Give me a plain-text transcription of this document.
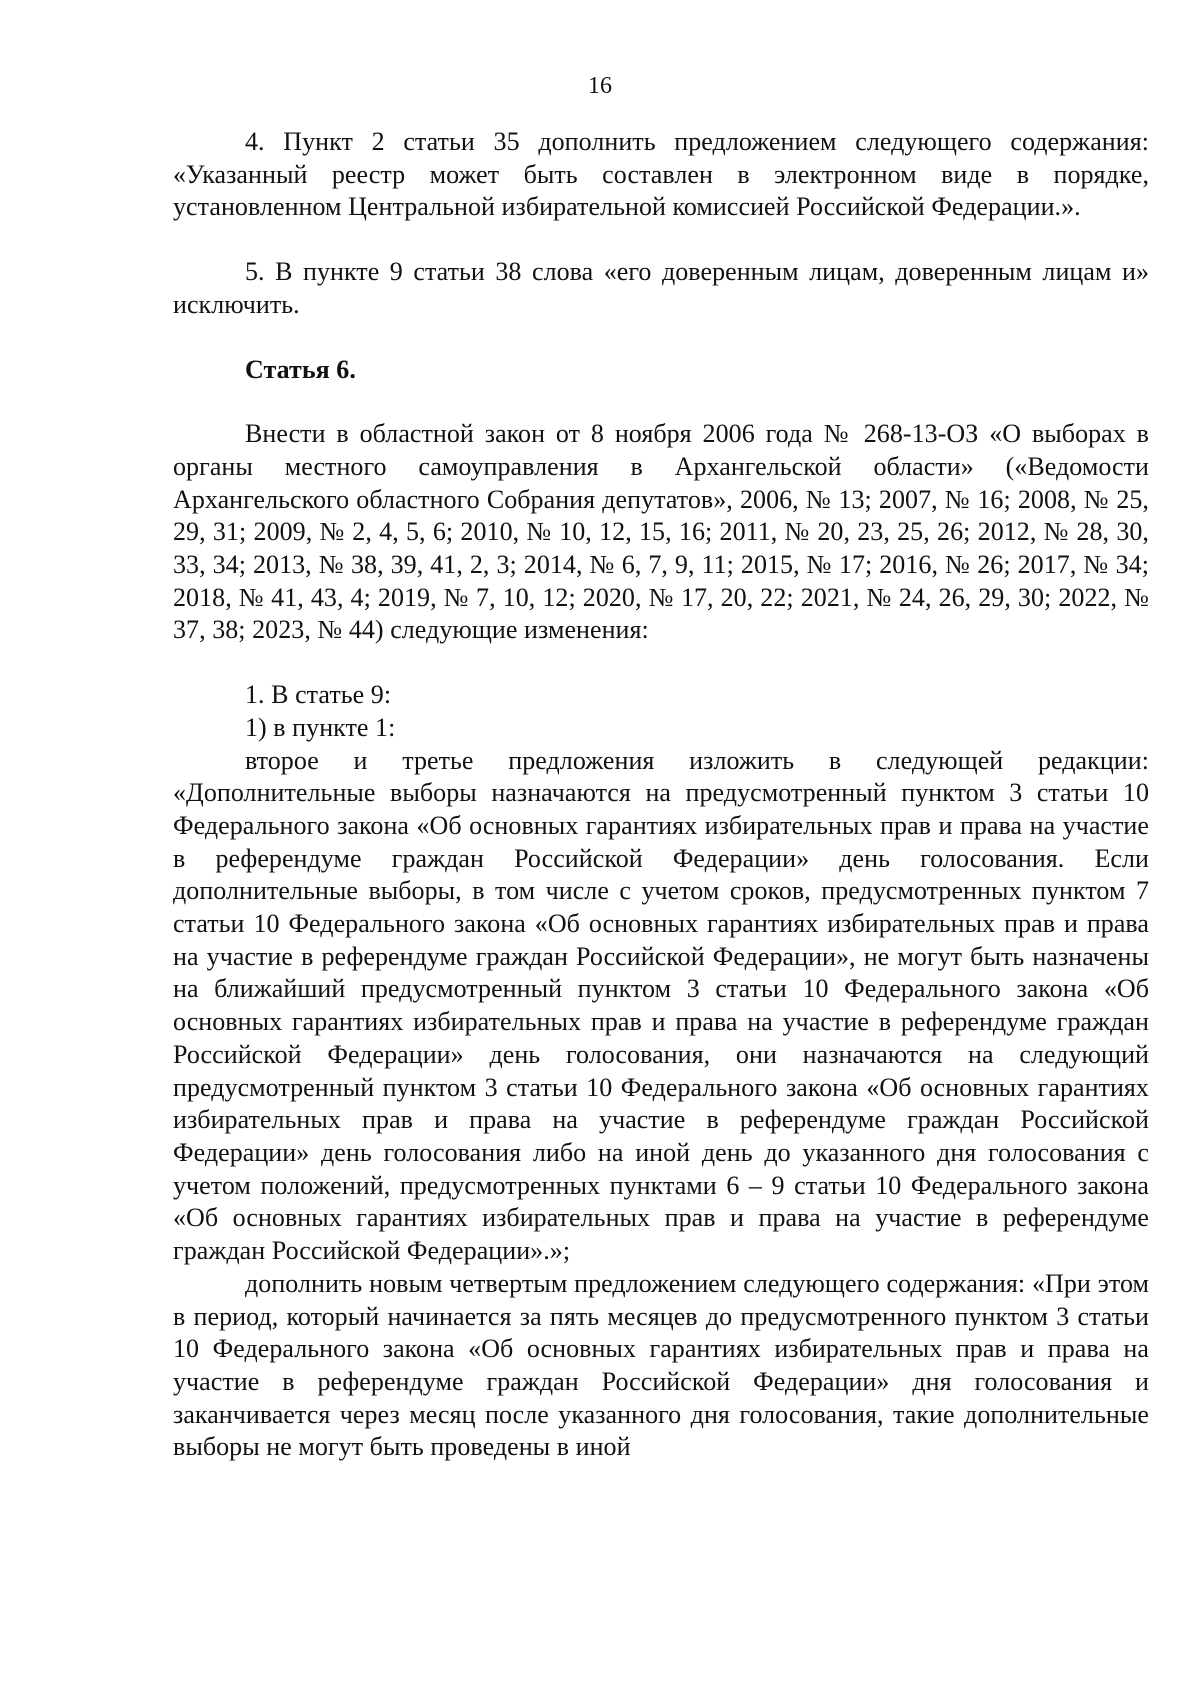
16

4. Пункт 2 статьи 35 дополнить предложением следующего содержания: «Указанный реестр может быть составлен в электронном виде в порядке, установленном Центральной избирательной комиссией Российской Федерации.».

5. В пункте 9 статьи 38 слова «его доверенным лицам, доверенным лицам и» исключить.

Статья 6.

Внести в областной закон от 8 ноября 2006 года № 268-13-ОЗ «О выборах в органы местного самоуправления в Архангельской области» («Ведомости Архангельского областного Собрания депутатов», 2006, № 13; 2007, № 16; 2008, № 25, 29, 31; 2009, № 2, 4, 5, 6; 2010, № 10, 12, 15, 16; 2011, № 20, 23, 25, 26; 2012, № 28, 30, 33, 34; 2013, № 38, 39, 41, 2, 3; 2014, № 6, 7, 9, 11; 2015, № 17; 2016, № 26; 2017, № 34; 2018, № 41, 43, 4; 2019, № 7, 10, 12; 2020, № 17, 20, 22; 2021, № 24, 26, 29, 30; 2022, № 37, 38; 2023, № 44) следующие изменения:

1. В статье 9:

1) в пункте 1:

второе и третье предложения изложить в следующей редакции: «Дополнительные выборы назначаются на предусмотренный пунктом 3 статьи 10 Федерального закона «Об основных гарантиях избирательных прав и права на участие в референдуме граждан Российской Федерации» день голосования. Если дополнительные выборы, в том числе с учетом сроков, предусмотренных пунктом 7 статьи 10 Федерального закона «Об основных гарантиях избирательных прав и права на участие в референдуме граждан Российской Федерации», не могут быть назначены на ближайший предусмотренный пунктом 3 статьи 10 Федерального закона «Об основных гарантиях избирательных прав и права на участие в референдуме граждан Российской Федерации» день голосования, они назначаются на следующий предусмотренный пунктом 3 статьи 10 Федерального закона «Об основных гарантиях избирательных прав и права на участие в референдуме граждан Российской Федерации» день голосования либо на иной день до указанного дня голосования с учетом положений, предусмотренных пунктами 6 – 9 статьи 10 Федерального закона «Об основных гарантиях избирательных прав и права на участие в референдуме граждан Российской Федерации».»;

дополнить новым четвертым предложением следующего содержания: «При этом в период, который начинается за пять месяцев до предусмотренного пунктом 3 статьи 10 Федерального закона «Об основных гарантиях избирательных прав и права на участие в референдуме граждан Российской Федерации» дня голосования и заканчивается через месяц после указанного дня голосования, такие дополнительные выборы не могут быть проведены в иной
